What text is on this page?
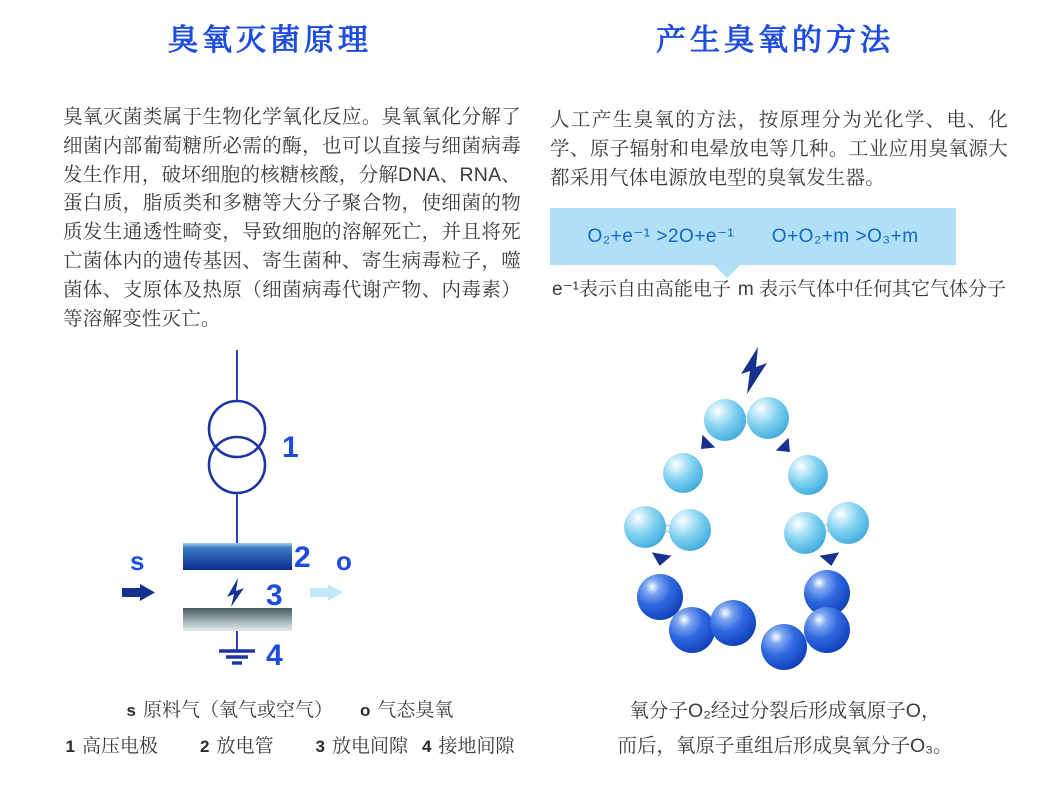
臭氧灭菌原理
臭氧灭菌类属于生物化学氧化反应。臭氧氧化分解了细菌内部葡萄糖所必需的酶，也可以直接与细菌病毒发生作用，破坏细胞的核糖核酸，分解DNA、RNA、蛋白质，脂质类和多糖等大分子聚合物，使细菌的物质发生通透性畸变，导致细胞的溶解死亡，并且将死亡菌体内的遗传基因、寄生菌种、寄生病毒粒子，噬菌体、支原体及热原（细菌病毒代谢产物、内毒素）等溶解变性灭亡。
1
2
3
4
s	o
s 原料气（氧气或空气） o 气态臭氧
1 高压电极 2 放电管 3 放电间隙 4 接地间隙
产生臭氧的方法
人工产生臭氧的方法，按原理分为光化学、电、化学、原子辐射和电晕放电等几种。工业应用臭氧源大都采用气体电源放电型的臭氧发生器。
O₂+e⁻¹ >2O+e⁻¹ O+O₂+m >O₃+m
e⁻¹表示自由高能电子 m 表示气体中任何其它气体分子
氧分子O₂经过分裂后形成氧原子O，
而后，氧原子重组后形成臭氧分子O₃。
